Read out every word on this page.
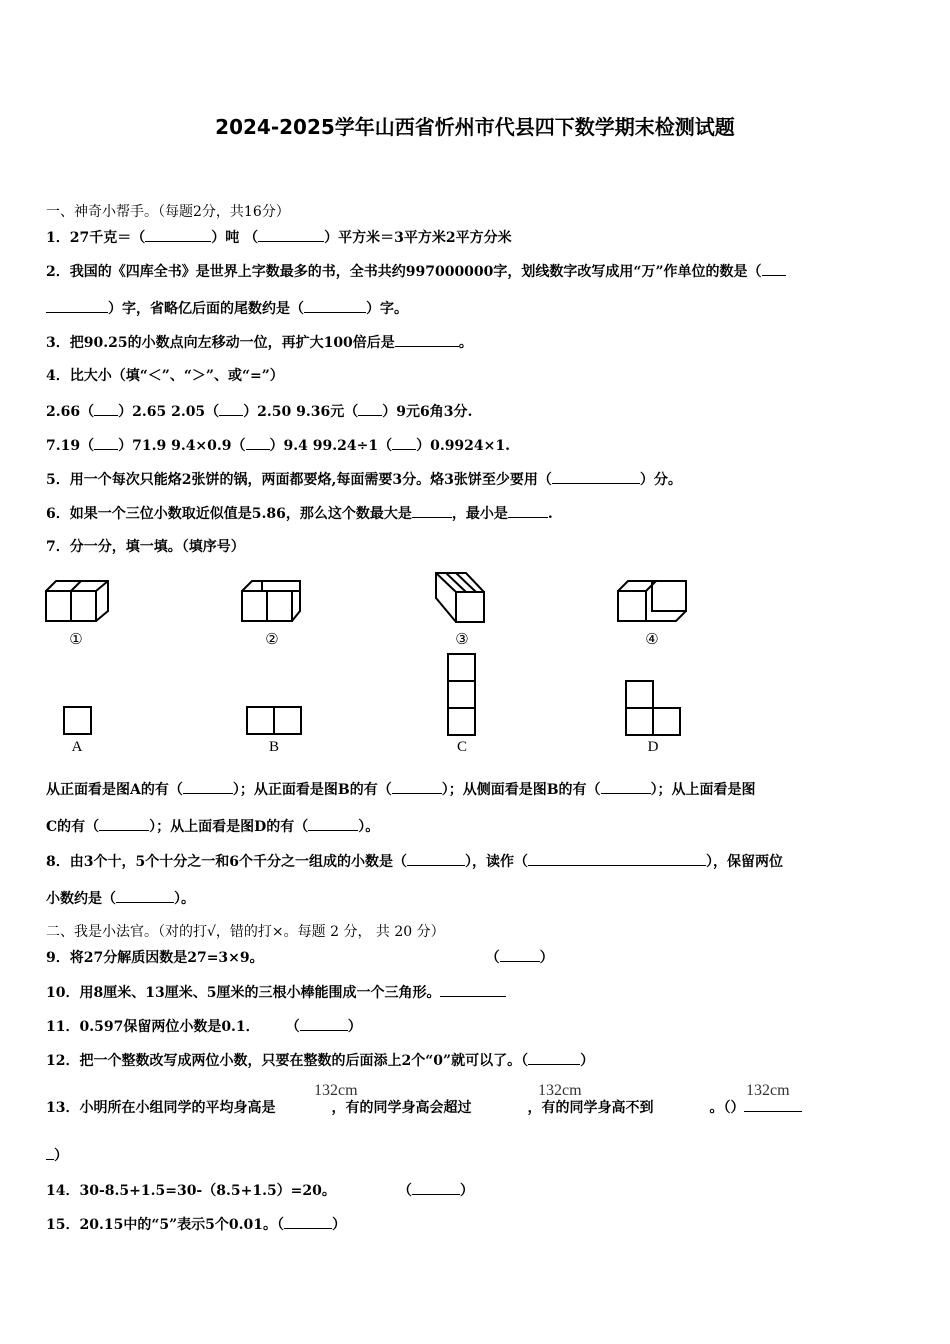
2024-2025学年山西省忻州市代县四下数学期末检测试题
一、神奇小帮手。（每题2分，共16分）
1．27千克＝（	）吨 （	）平方米＝3平方米2平方分米
2．我国的《四库全书》是世界上字数最多的书，全书共约997000000字，划线数字改写成用“万”作单位的数是（
）字，省略亿后面的尾数约是（	）字。
3．把90.25的小数点向左移动一位，再扩大100倍后是	。
4．比大小（填“＜”、“＞”、或“=”）
2.66（ ）2.65 2.05（ ）2.50 9.36元（ ）9元6角3分.
7.19（ ）71.9 9.4×0.9（ ）9.4 99.24÷1（ ）0.9924×1.
5．用一个每次只能烙2张饼的锅，两面都要烙,每面需要3分。烙3张饼至少要用（	）分。
6．如果一个三位小数取近似值是5.86，那么这个数最大是	，最小是	.
7．分一分，填一填。（填序号）
①	②	③	④
A	B	C	D
从正面看是图A的有（	）；从正面看是图B的有（	）；从侧面看是图B的有（	）；从上面看是图
C的有（	）；从上面看是图D的有（	）。
8．由3个十，5个十分之一和6个千分之一组成的小数是（	），读作（	），保留两位
小数约是（	）。
二、我是小法官。（对的打√，错的打×。每题 2 分， 共 20 分）
9．将27分解质因数是27=3×9。	（	）
10．用8厘米、13厘米、5厘米的三根小棒能围成一个三角形。
11．0.597保留两位小数是0.1． （	）
12．把一个整数改写成两位小数，只要在整数的后面添上2个“0”就可以了。（	）
13．小明所在小组同学的平均身高是	，有的同学身高会超过	，有的同学身高不到	。（）
132cm	132cm	132cm
）
14．30-8.5+1.5=30-（8.5+1.5）=20。	（	）
15．20.15中的“5”表示5个0.01。（	）
